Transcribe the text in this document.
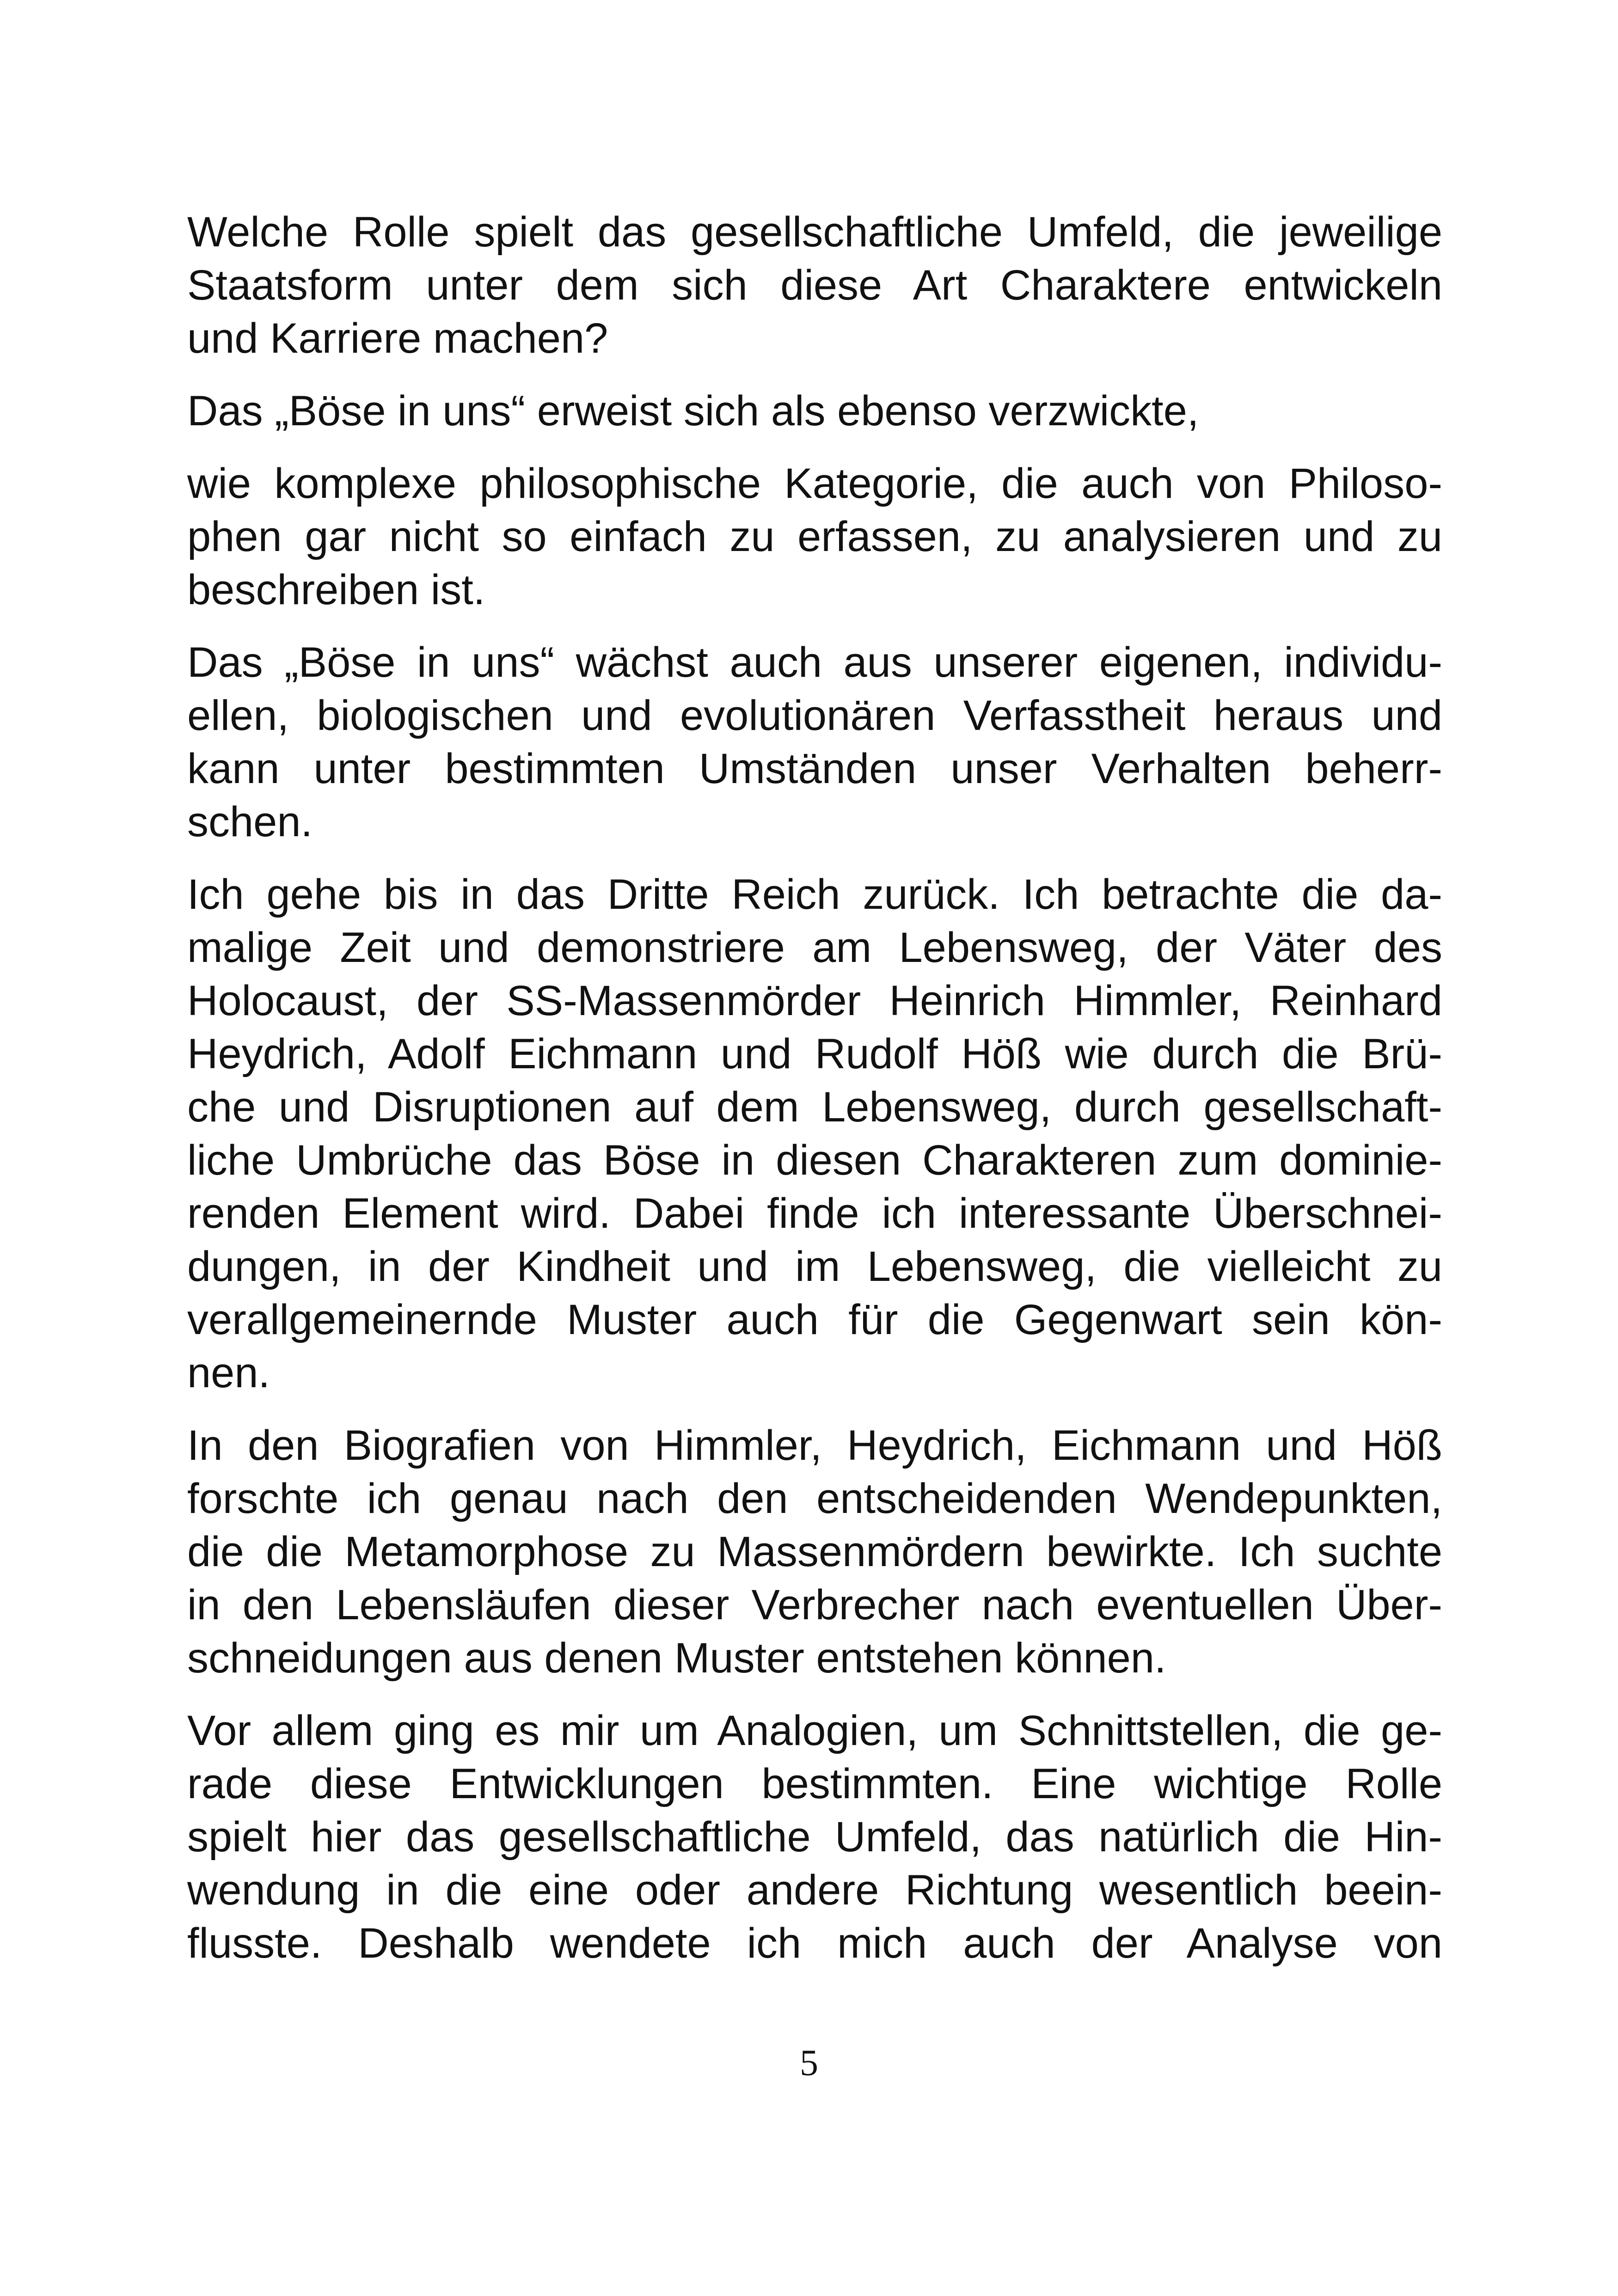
Welche Rolle spielt das gesellschaftliche Umfeld, die jeweilige
Staatsform unter dem sich diese Art Charaktere entwickeln
und Karriere machen?
Das „Böse in uns“ erweist sich als ebenso verzwickte,
wie komplexe philosophische Kategorie, die auch von Philoso-
phen gar nicht so einfach zu erfassen, zu analysieren und zu
beschreiben ist.
Das „Böse in uns“ wächst auch aus unserer eigenen, individu-
ellen, biologischen und evolutionären Verfasstheit heraus und
kann unter bestimmten Umständen unser Verhalten beherr-
schen.
Ich gehe bis in das Dritte Reich zurück. Ich betrachte die da-
malige Zeit und demonstriere am Lebensweg, der Väter des
Holocaust, der SS-Massenmörder Heinrich Himmler, Reinhard
Heydrich, Adolf Eichmann und Rudolf Höß wie durch die Brü-
che und Disruptionen auf dem Lebensweg, durch gesellschaft-
liche Umbrüche das Böse in diesen Charakteren zum dominie-
renden Element wird. Dabei finde ich interessante Überschnei-
dungen, in der Kindheit und im Lebensweg, die vielleicht zu
verallgemeinernde Muster auch für die Gegenwart sein kön-
nen.
In den Biografien von Himmler, Heydrich, Eichmann und Höß
forschte ich genau nach den entscheidenden Wendepunkten,
die die Metamorphose zu Massenmördern bewirkte. Ich suchte
in den Lebensläufen dieser Verbrecher nach eventuellen Über-
schneidungen aus denen Muster entstehen können.
Vor allem ging es mir um Analogien, um Schnittstellen, die ge-
rade diese Entwicklungen bestimmten. Eine wichtige Rolle
spielt hier das gesellschaftliche Umfeld, das natürlich die Hin-
wendung in die eine oder andere Richtung wesentlich beein-
flusste. Deshalb wendete ich mich auch der Analyse von
5
